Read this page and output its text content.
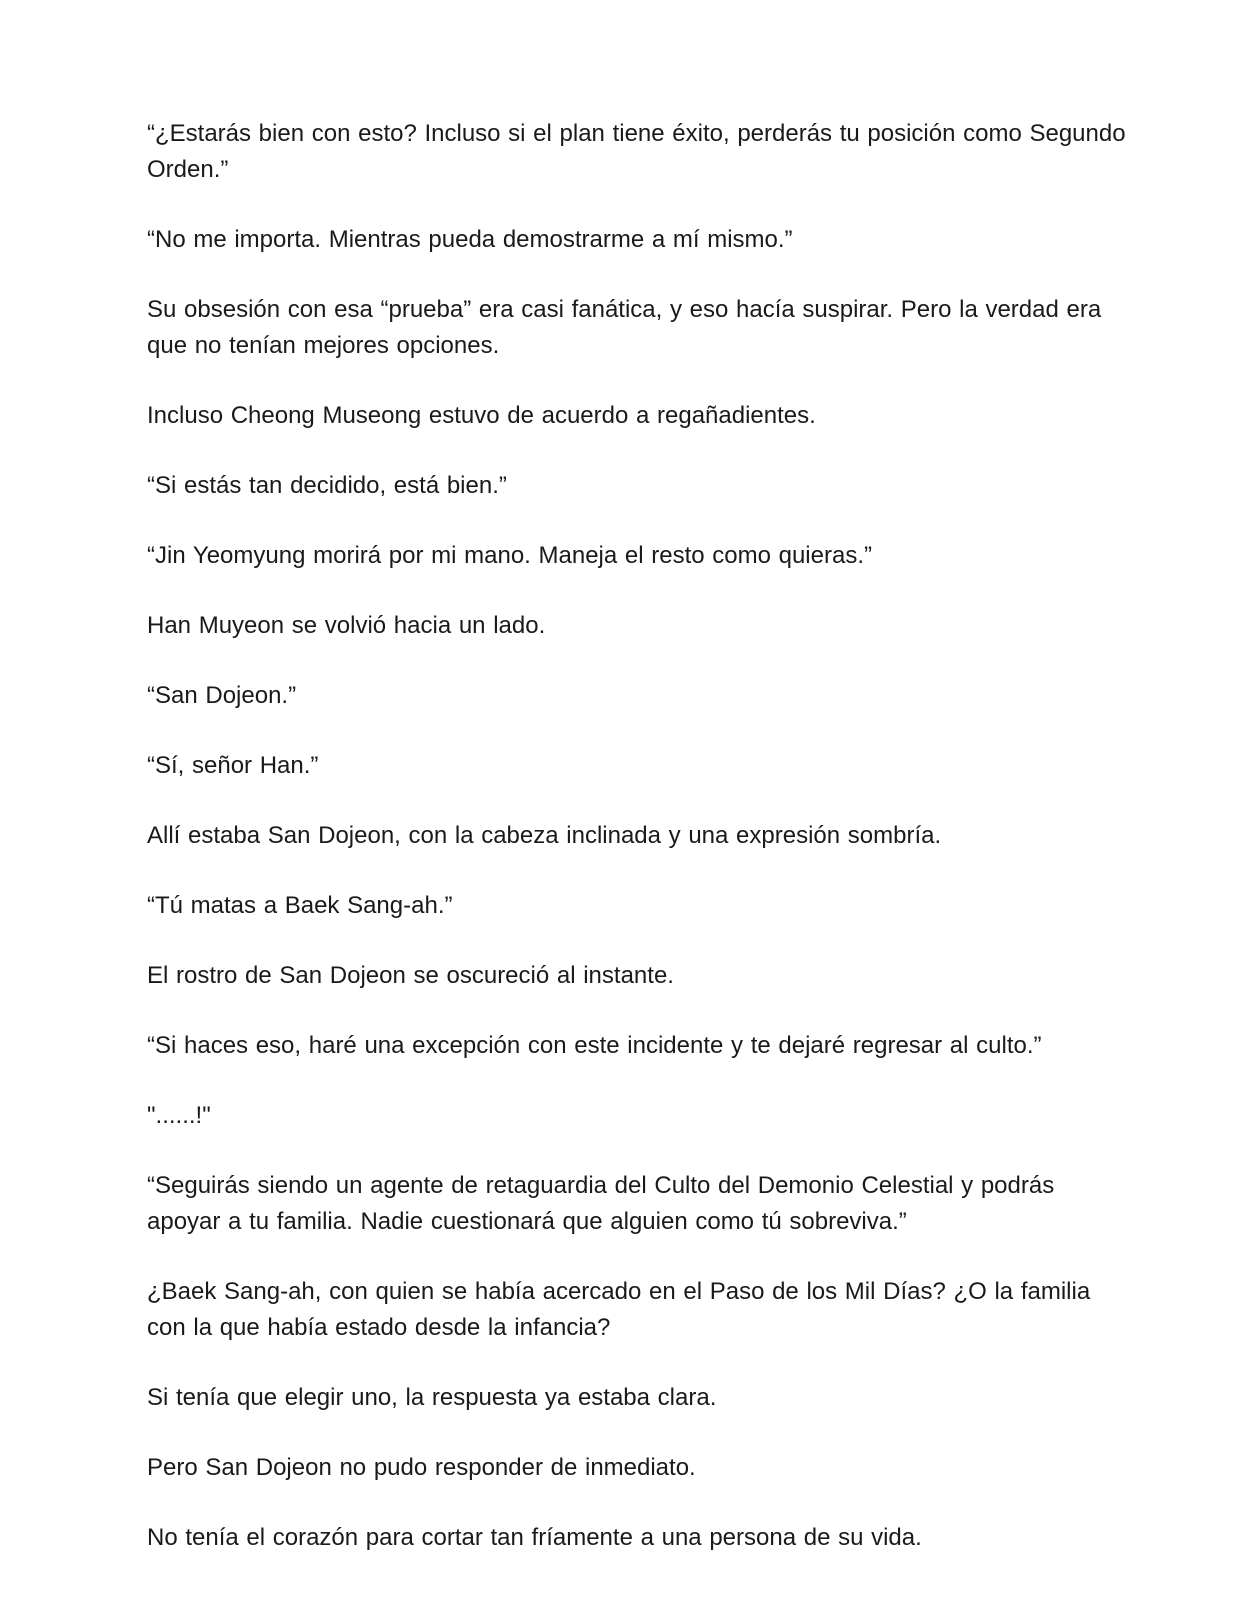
“¿Estarás bien con esto? Incluso si el plan tiene éxito, perderás tu posición como Segundo Orden.”

“No me importa. Mientras pueda demostrarme a mí mismo.”

Su obsesión con esa “prueba” era casi fanática, y eso hacía suspirar. Pero la verdad era que no tenían mejores opciones.

Incluso Cheong Museong estuvo de acuerdo a regañadientes.

“Si estás tan decidido, está bien.”

“Jin Yeomyung morirá por mi mano. Maneja el resto como quieras.”

Han Muyeon se volvió hacia un lado.

“San Dojeon.”

“Sí, señor Han.”

Allí estaba San Dojeon, con la cabeza inclinada y una expresión sombría.

“Tú matas a Baek Sang-ah.”

El rostro de San Dojeon se oscureció al instante.

“Si haces eso, haré una excepción con este incidente y te dejaré regresar al culto.”

"......!"

“Seguirás siendo un agente de retaguardia del Culto del Demonio Celestial y podrás apoyar a tu familia. Nadie cuestionará que alguien como tú sobreviva.”

¿Baek Sang-ah, con quien se había acercado en el Paso de los Mil Días? ¿O la familia con la que había estado desde la infancia?

Si tenía que elegir uno, la respuesta ya estaba clara.

Pero San Dojeon no pudo responder de inmediato.

No tenía el corazón para cortar tan fríamente a una persona de su vida.
